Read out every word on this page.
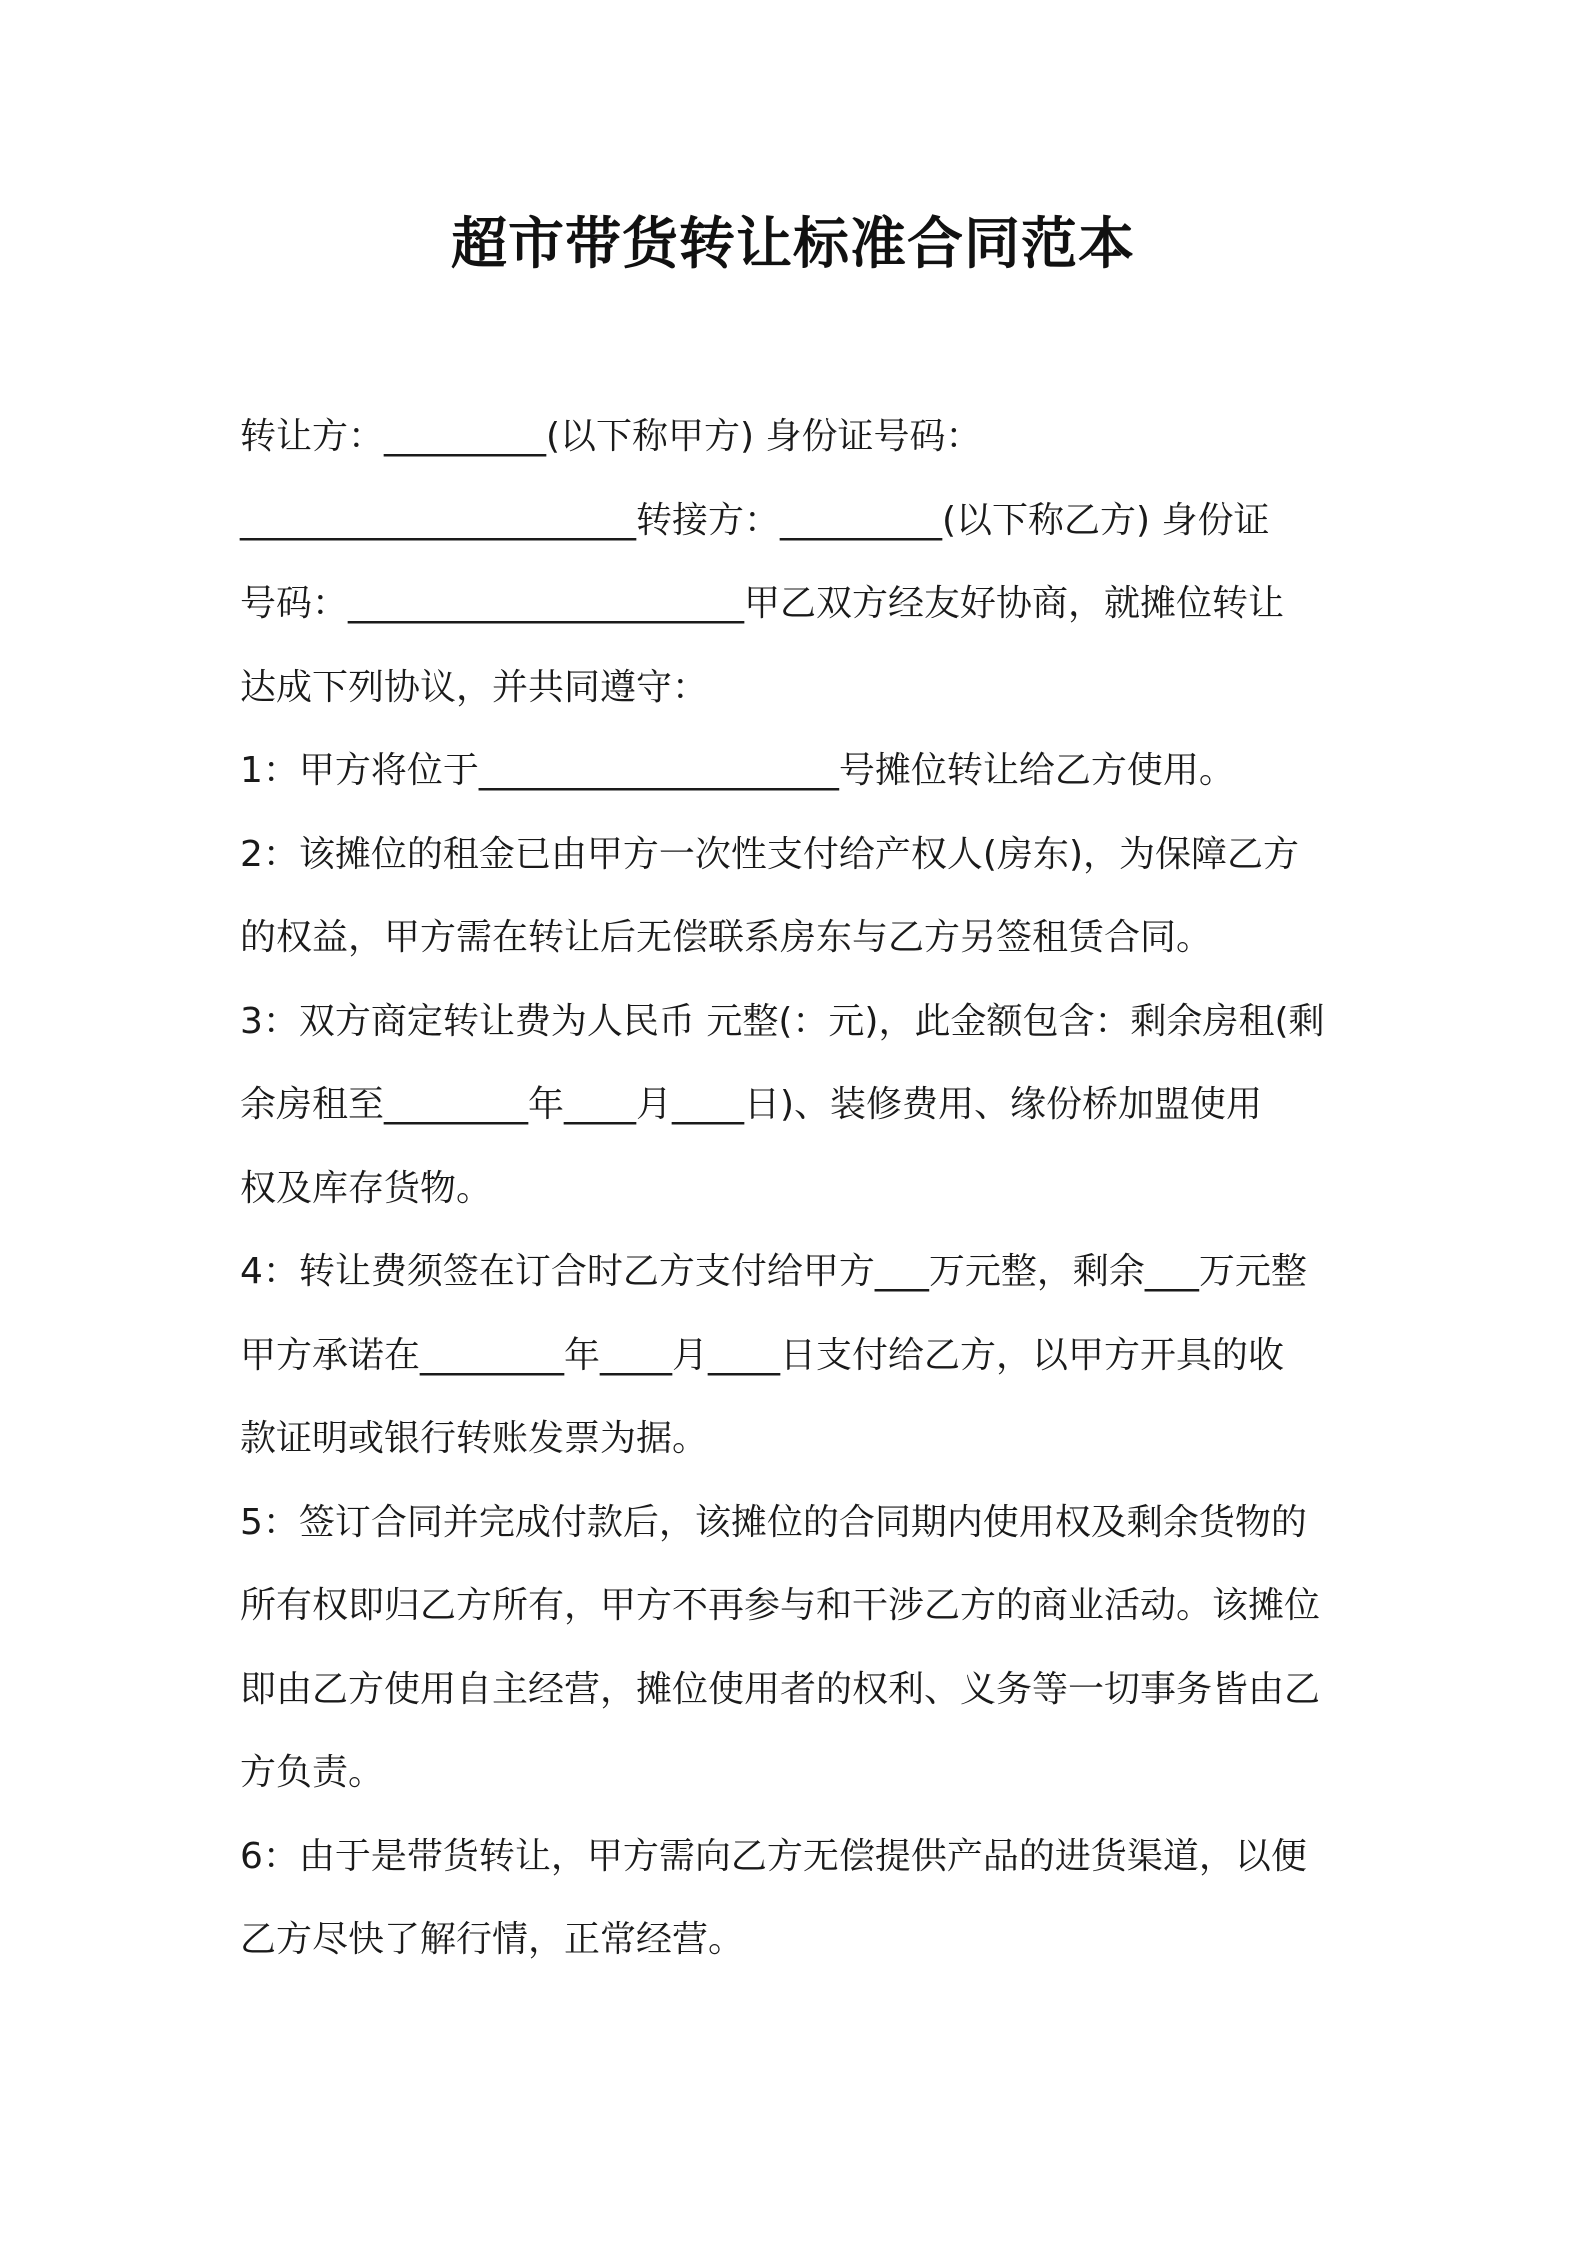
超市带货转让标准合同范本
转让方：_________(以下称甲方) 身份证号码：
______________________转接方：_________(以下称乙方) 身份证
号码：______________________甲乙双方经友好协商，就摊位转让
达成下列协议，并共同遵守：
1：甲方将位于____________________号摊位转让给乙方使用。
2：该摊位的租金已由甲方一次性支付给产权人(房东)，为保障乙方
的权益，甲方需在转让后无偿联系房东与乙方另签租赁合同。
3：双方商定转让费为人民币 元整(：元)，此金额包含：剩余房租(剩
余房租至________年____月____日)、装修费用、缘份桥加盟使用
权及库存货物。
4：转让费须签在订合时乙方支付给甲方___万元整，剩余___万元整
甲方承诺在________年____月____日支付给乙方，以甲方开具的收
款证明或银行转账发票为据。
5：签订合同并完成付款后，该摊位的合同期内使用权及剩余货物的
所有权即归乙方所有，甲方不再参与和干涉乙方的商业活动。该摊位
即由乙方使用自主经营，摊位使用者的权利、义务等一切事务皆由乙
方负责。
6：由于是带货转让，甲方需向乙方无偿提供产品的进货渠道，以便
乙方尽快了解行情，正常经营。
